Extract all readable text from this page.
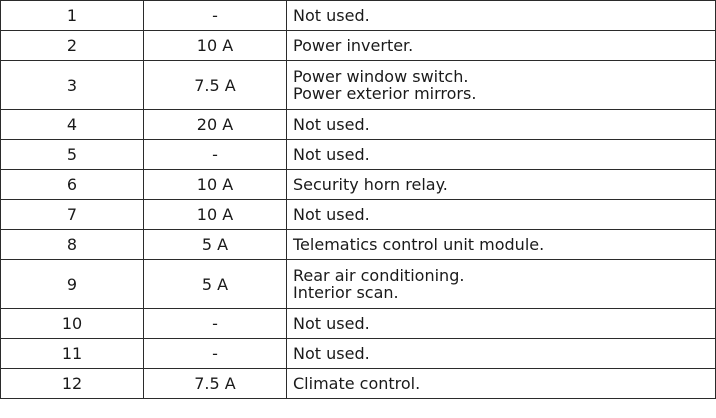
1	-	Not used.

2	10 A	Power inverter.

3	7.5 A	Power window switch.
Power exterior mirrors.

4	20 A	Not used.

5	-	Not used.

6	10 A	Security horn relay.

7	10 A	Not used.

8	5 A	Telematics control unit module.

9	5 A	Rear air conditioning.
Interior scan.

10	-	Not used.

11	-	Not used.

12	7.5 A	Climate control.
